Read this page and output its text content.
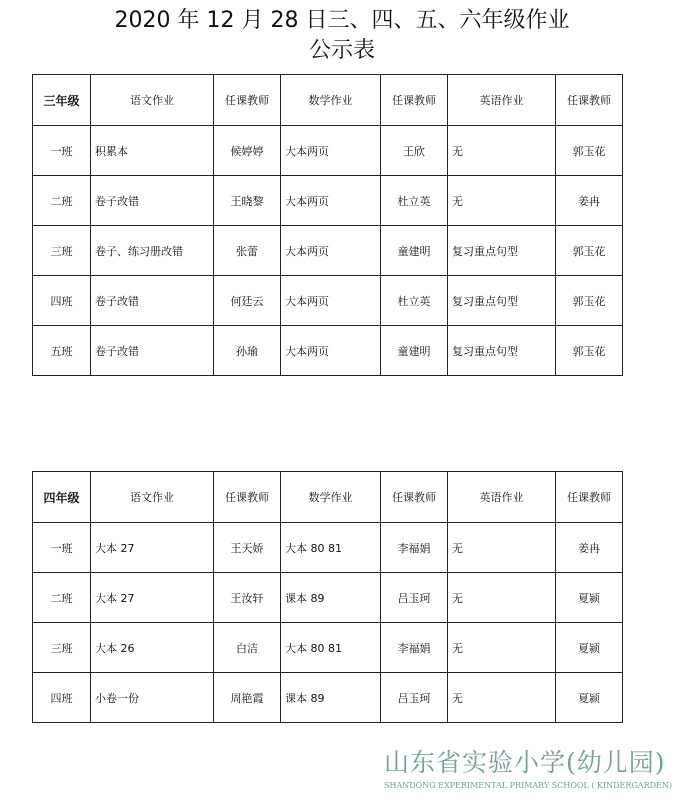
2020 年 12 月 28 日三、四、五、六年级作业
公示表
三年级	语文作业	任课教师	数学作业	任课教师	英语作业	任课教师
一班	积累本	候婷婷	大本两页	王欣	无	郭玉花
二班	卷子改错	王晓黎	大本两页	杜立英	无	姜冉
三班	卷子、练习册改错	张蕾	大本两页	童建明	复习重点句型	郭玉花
四班	卷子改错	何廷云	大本两页	杜立英	复习重点句型	郭玉花
五班	卷子改错	孙瑜	大本两页	童建明	复习重点句型	郭玉花
四年级	语文作业	任课教师	数学作业	任课教师	英语作业	任课教师
一班	大本 27	王天娇	大本 80 81	李福娟	无	姜冉
二班	大本 27	王汝轩	课本 89	吕玉珂	无	夏颍
三班	大本 26	白洁	大本 80 81	李福娟	无	夏颍
四班	小卷一份	周艳霞	课本 89	吕玉珂	无	夏颍
山东省实验小学(幼儿园)
SHANDONG EXPERIMENTAL PRIMARY SCHOOL ( KINDERGARDEN)
